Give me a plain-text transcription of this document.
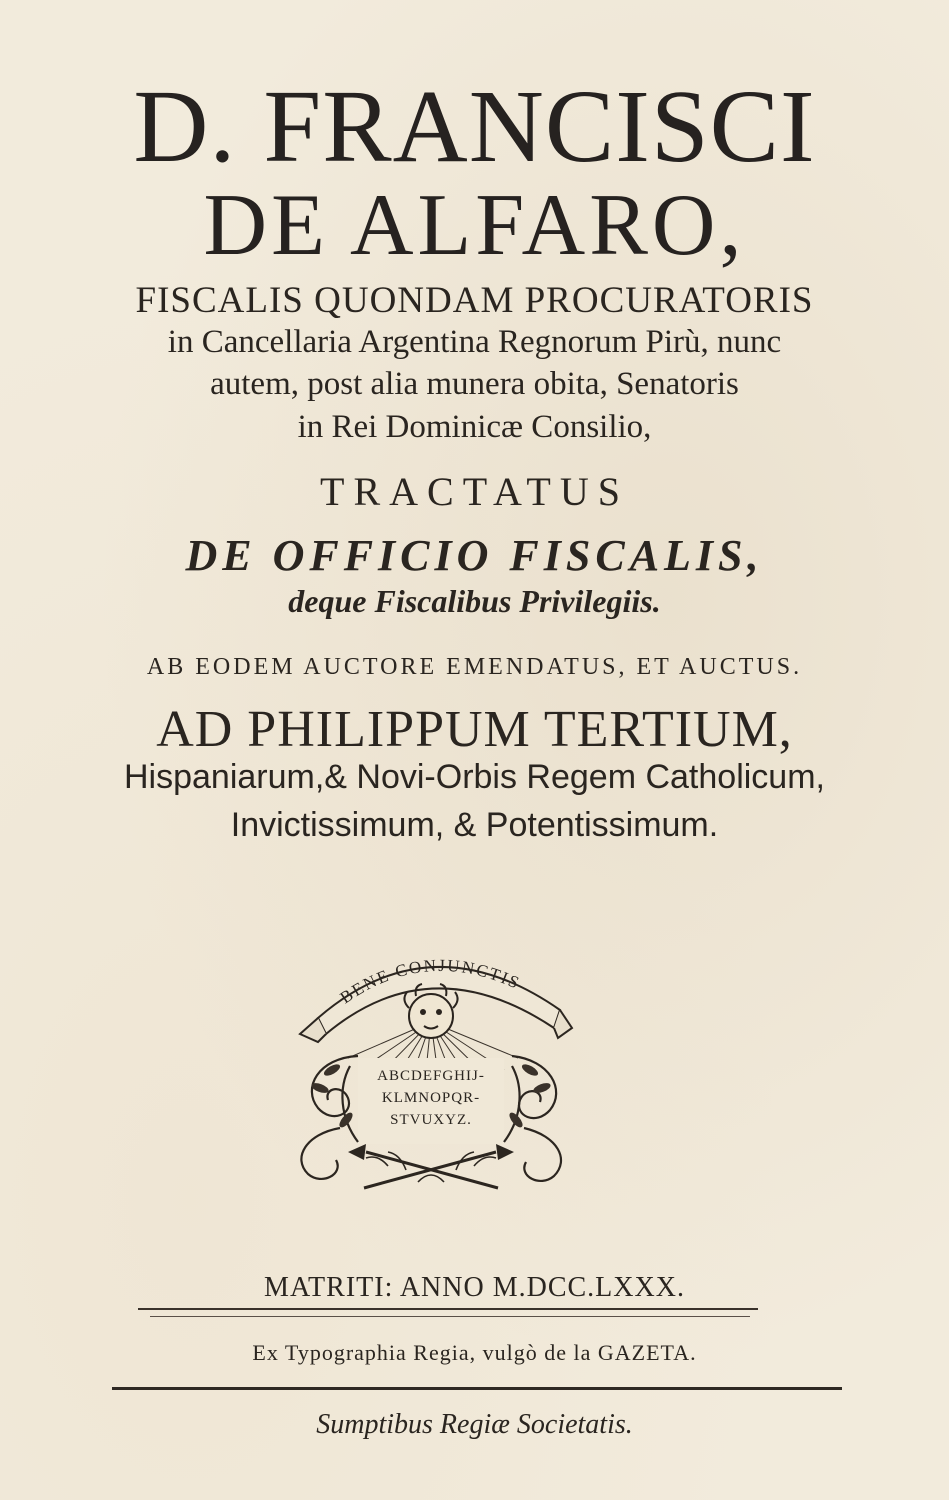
D. FRANCISCI
DE ALFARO,
FISCALIS QUONDAM PROCURATORIS
in Cancellaria Argentina Regnorum Pirù, nunc
autem, post alia munera obita, Senatoris
in Rei Dominicæ Consilio,
TRACTATUS
DE OFFICIO FISCALIS,
deque Fiscalibus Privilegiis.
AB EODEM AUCTORE EMENDATUS, ET AUCTUS.
AD PHILIPPUM TERTIUM,
Hispaniarum,& Novi-Orbis Regem Catholicum,
Invictissimum, & Potentissimum.
BENE CONJUNCTIS
ABCDEFGHIJ-
KLMNOPQR-
STVUXYZ.
MATRITI: ANNO M.DCC.LXXX.
Ex Typographia Regia, vulgò de la GAZETA.
Sumptibus Regiæ Societatis.
